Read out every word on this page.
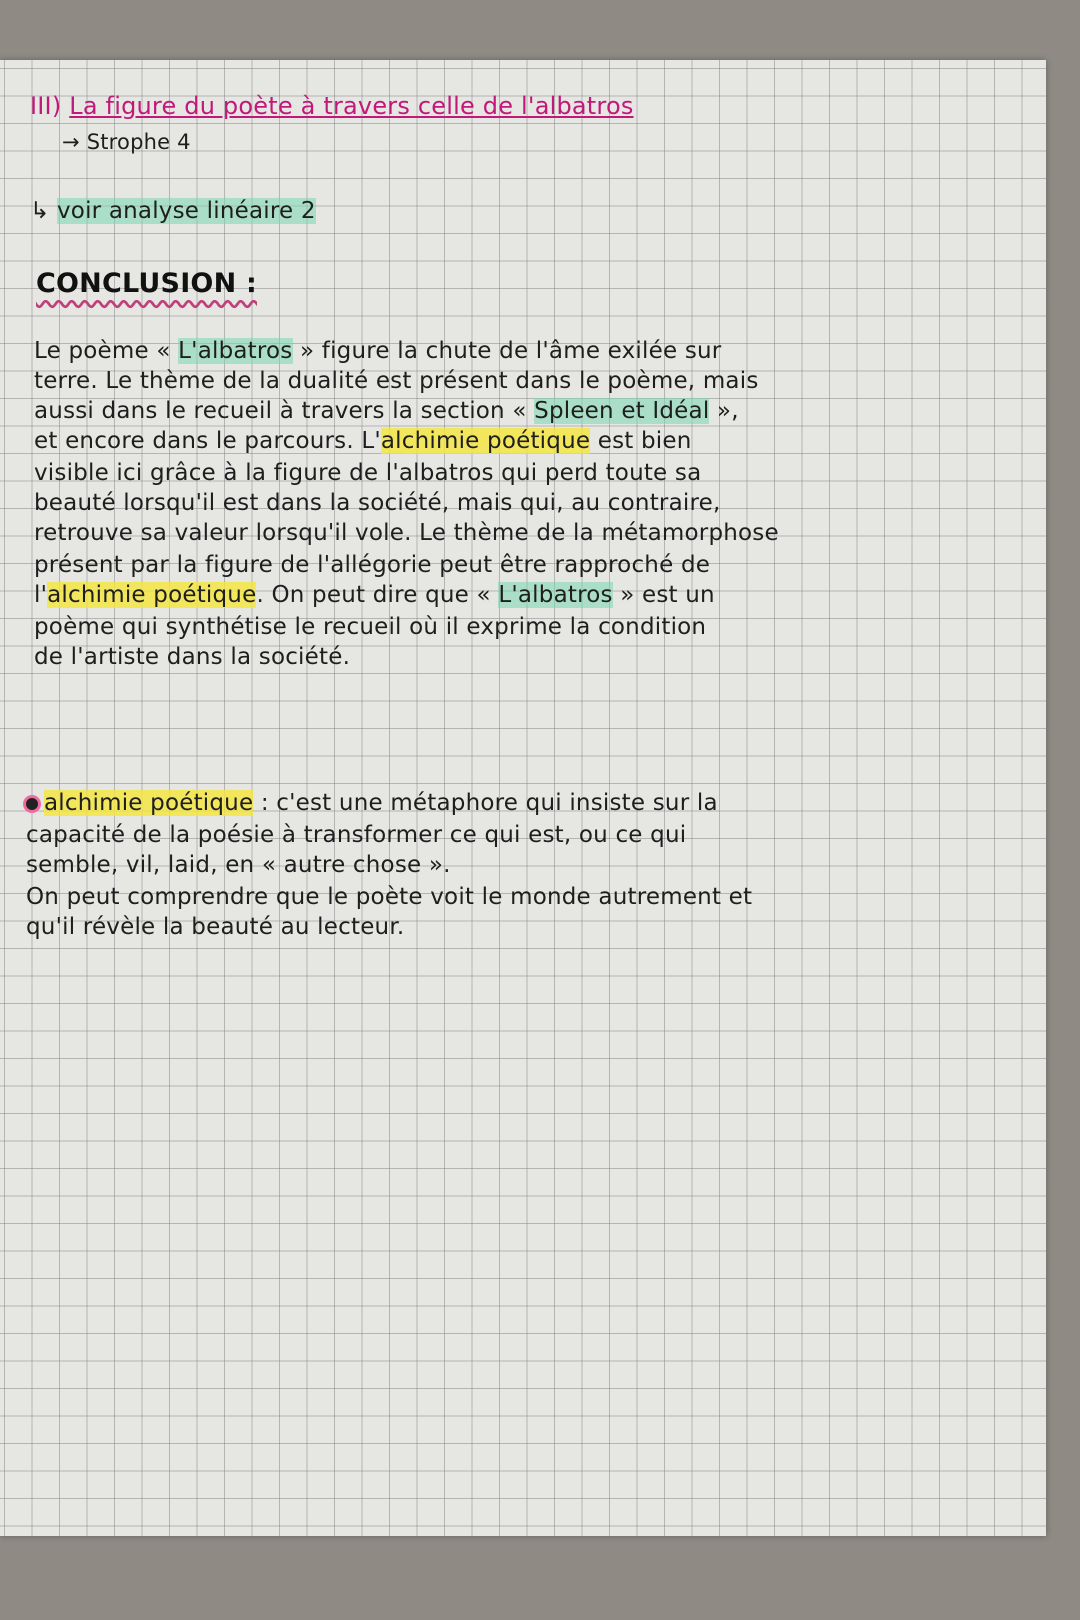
III) La figure du poète à travers celle de l'albatros
→ Strophe 4
↳ voir analyse linéaire 2
CONCLUSION :
Le poème « L'albatros » figure la chute de l'âme exilée sur
terre. Le thème de la dualité est présent dans le poème, mais
aussi dans le recueil à travers la section « Spleen et Idéal »,
et encore dans le parcours. L'alchimie poétique est bien
visible ici grâce à la figure de l'albatros qui perd toute sa
beauté lorsqu'il est dans la société, mais qui, au contraire,
retrouve sa valeur lorsqu'il vole. Le thème de la métamorphose
présent par la figure de l'allégorie peut être rapproché de
l'alchimie poétique. On peut dire que « L'albatros » est un
poème qui synthétise le recueil où il exprime la condition
de l'artiste dans la société.
alchimie poétique : c'est une métaphore qui insiste sur la
capacité de la poésie à transformer ce qui est, ou ce qui
semble, vil, laid, en « autre chose ».
On peut comprendre que le poète voit le monde autrement et
qu'il révèle la beauté au lecteur.
